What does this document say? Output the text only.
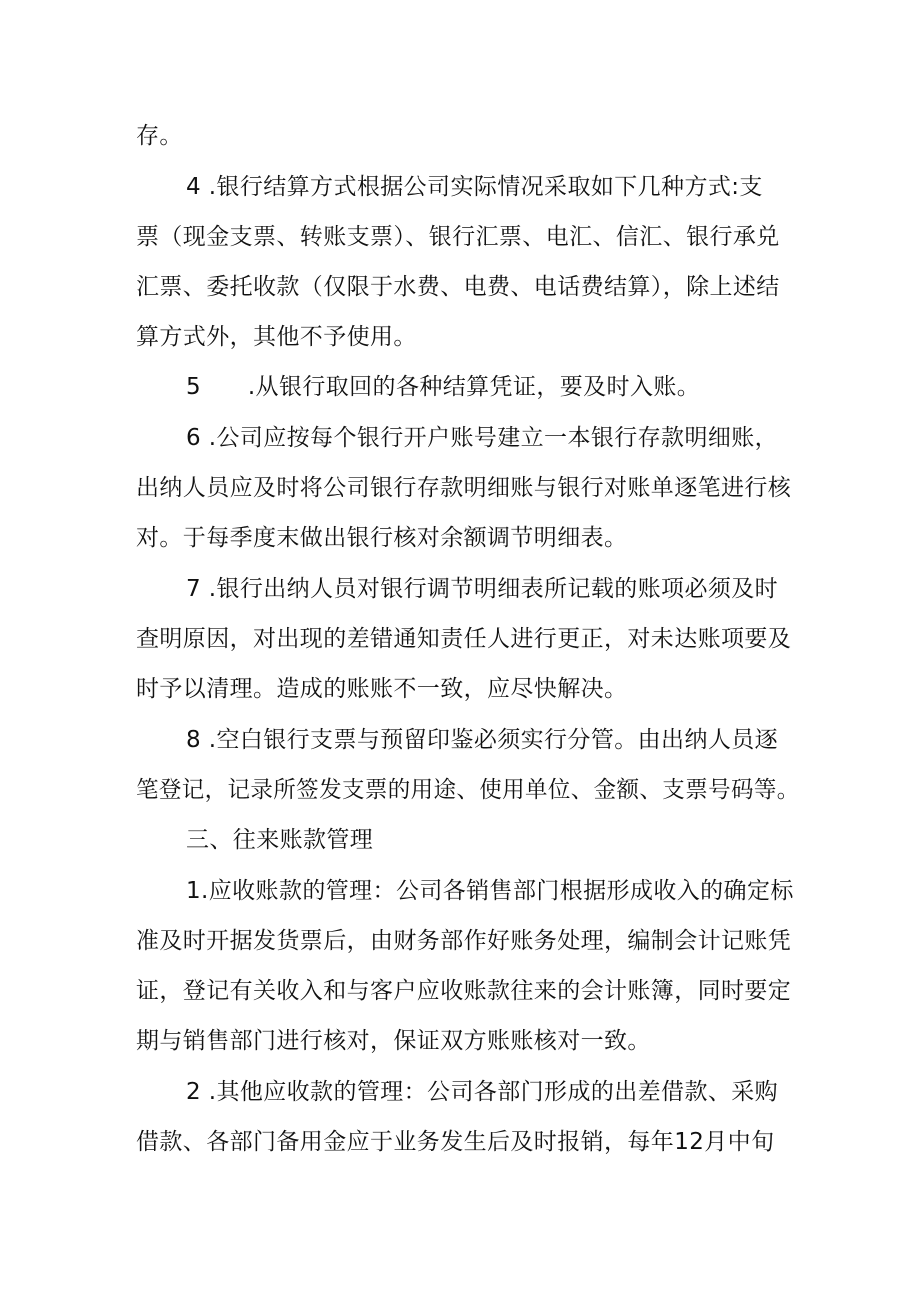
存。
4 .银行结算方式根据公司实际情况采取如下几种方式:支
票（现金支票、转账支票）、银行汇票、电汇、信汇、银行承兑
汇票、委托收款（仅限于水费、电费、电话费结算），除上述结
算方式外，其他不予使用。
5　　.从银行取回的各种结算凭证，要及时入账。
6 .公司应按每个银行开户账号建立一本银行存款明细账，
出纳人员应及时将公司银行存款明细账与银行对账单逐笔进行核
对。于每季度末做出银行核对余额调节明细表。
7 .银行出纳人员对银行调节明细表所记载的账项必须及时
查明原因，对出现的差错通知责任人进行更正，对未达账项要及
时予以清理。造成的账账不一致，应尽快解决。
8 .空白银行支票与预留印鉴必须实行分管。由出纳人员逐
笔登记，记录所签发支票的用途、使用单位、金额、支票号码等。
三、往来账款管理
1.应收账款的管理：公司各销售部门根据形成收入的确定标
准及时开据发货票后，由财务部作好账务处理，编制会计记账凭
证，登记有关收入和与客户应收账款往来的会计账簿，同时要定
期与销售部门进行核对，保证双方账账核对一致。
2 .其他应收款的管理：公司各部门形成的出差借款、采购
借款、各部门备用金应于业务发生后及时报销，每年12月中旬
